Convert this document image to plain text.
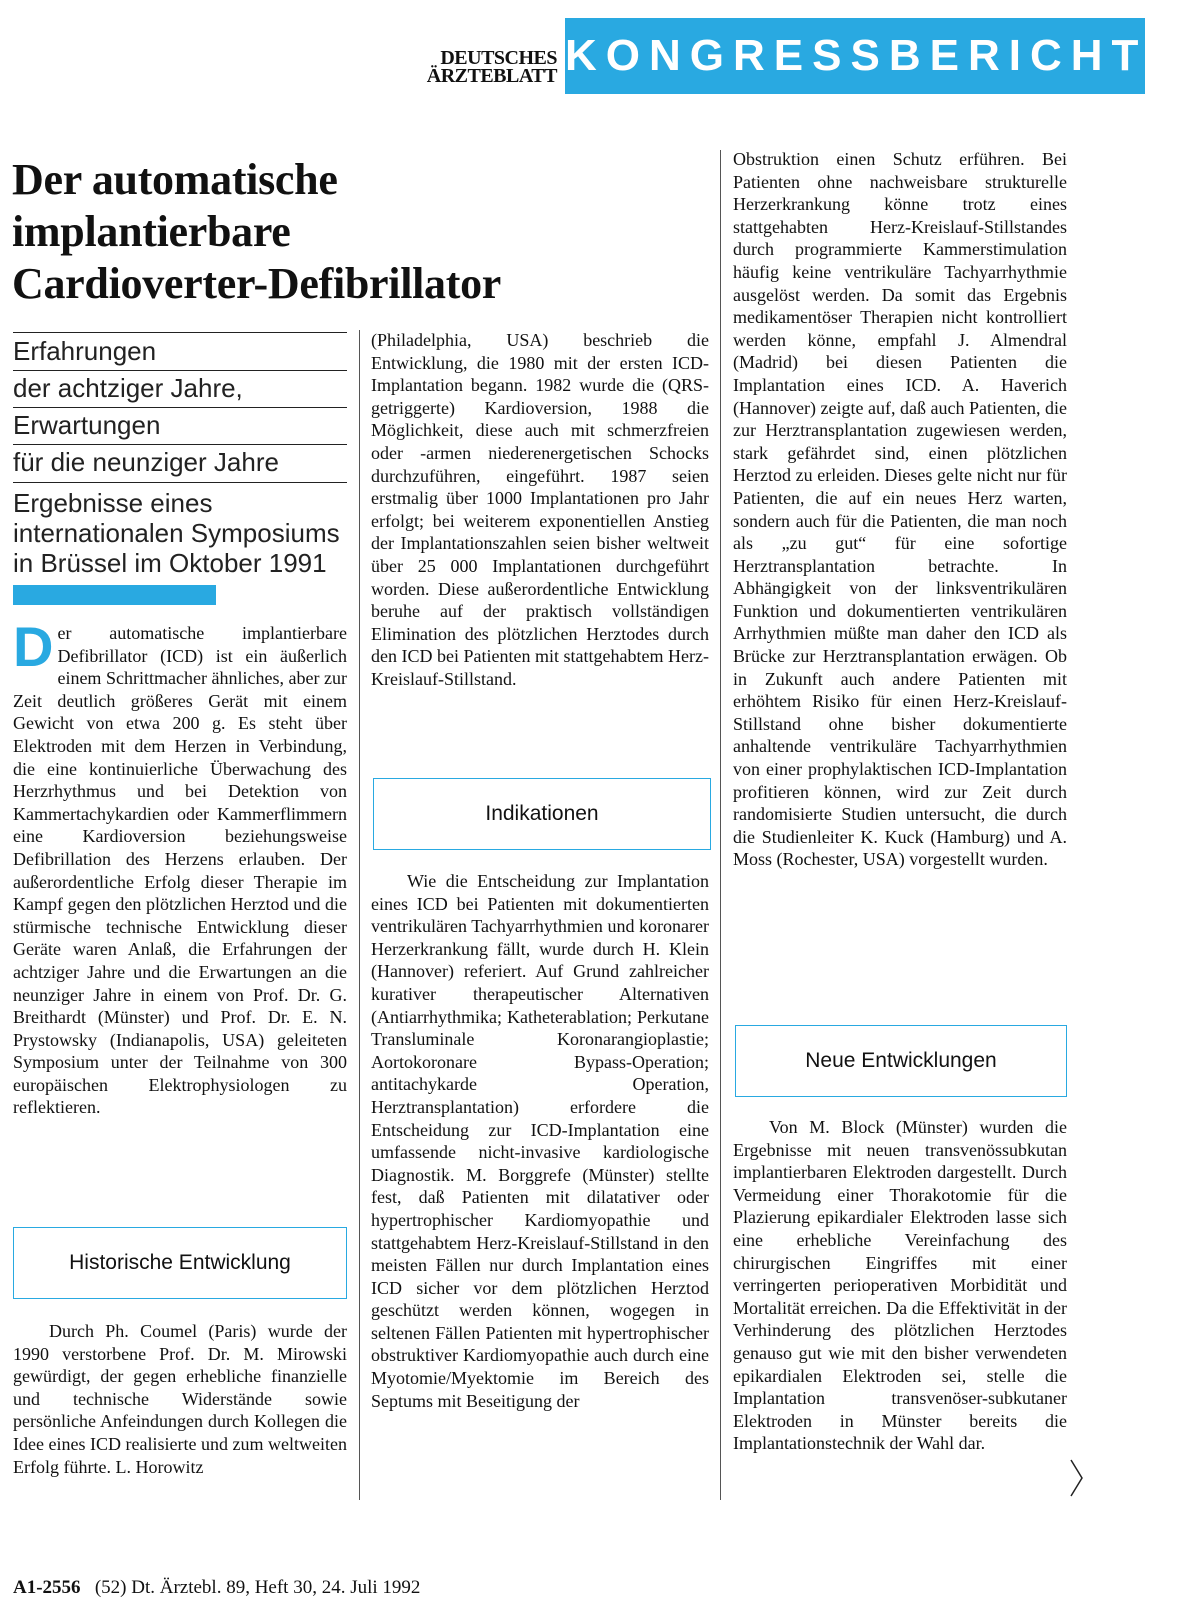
DEUTSCHES
ÄRZTEBLATT KONGRESSBERICHT
Der automatische
implantierbare
Cardioverter-Defibrillator
Erfahrungen
der achtziger Jahre,
Erwartungen
für die neunziger Jahre
Ergebnisse eines internationalen Symposiums in Brüssel im Oktober 1991

Der automatische implantierbare Defibrillator (ICD) ist ein äußerlich einem Schrittmacher ähnliches, aber zur Zeit deutlich größeres Gerät mit einem Gewicht von etwa 200 g. Es steht über Elektroden mit dem Herzen in Verbindung, die eine kontinuierliche Überwachung des Herzrhythmus und bei Detektion von Kammertachykardien oder Kammerflimmern eine Kardioversion beziehungsweise Defibrillation des Herzens erlauben. Der außerordentliche Erfolg dieser Therapie im Kampf gegen den plötzlichen Herztod und die stürmische technische Entwicklung dieser Geräte waren Anlaß, die Erfahrungen der achtziger Jahre und die Erwartungen an die neunziger Jahre in einem von Prof. Dr. G. Breithardt (Münster) und Prof. Dr. E. N. Prystowsky (Indianapolis, USA) geleiteten Symposium unter der Teilnahme von 300 europäischen Elektrophysiologen zu reflektieren.

Historische Entwicklung

Durch Ph. Coumel (Paris) wurde der 1990 verstorbene Prof. Dr. M. Mirowski gewürdigt, der gegen erhebliche finanzielle und technische Widerstände sowie persönliche Anfeindungen durch Kollegen die Idee eines ICD realisierte und zum weltweiten Erfolg führte. L. Horowitz

(Philadelphia, USA) beschrieb die Entwicklung, die 1980 mit der ersten ICD-Implantation begann. 1982 wurde die (QRS-getriggerte) Kardioversion, 1988 die Möglichkeit, diese auch mit schmerzfreien oder -armen niederenergetischen Schocks durchzuführen, eingeführt. 1987 seien erstmalig über 1000 Implantationen pro Jahr erfolgt; bei weiterem exponentiellen Anstieg der Implantationszahlen seien bisher weltweit über 25 000 Implantationen durchgeführt worden. Diese außerordentliche Entwicklung beruhe auf der praktisch vollständigen Elimination des plötzlichen Herztodes durch den ICD bei Patienten mit stattgehabtem Herz-Kreislauf-Stillstand.

Indikationen

Wie die Entscheidung zur Implantation eines ICD bei Patienten mit dokumentierten ventrikulären Tachyarrhythmien und koronarer Herzerkrankung fällt, wurde durch H. Klein (Hannover) referiert. Auf Grund zahlreicher kurativer therapeutischer Alternativen (Antiarrhythmika; Katheterablation; Perkutane Transluminale Koronarangioplastie; Aortokoronare Bypass-Operation; antitachykarde Operation, Herztransplantation) erfordere die Entscheidung zur ICD-Implantation eine umfassende nicht-invasive kardiologische Diagnostik. M. Borggrefe (Münster) stellte fest, daß Patienten mit dilatativer oder hypertrophischer Kardiomyopathie und stattgehabtem Herz-Kreislauf-Stillstand in den meisten Fällen nur durch Implantation eines ICD sicher vor dem plötzlichen Herztod geschützt werden können, wogegen in seltenen Fällen Patienten mit hypertrophischer obstruktiver Kardiomyopathie auch durch eine Myotomie/Myektomie im Bereich des Septums mit Beseitigung der

Obstruktion einen Schutz erführen. Bei Patienten ohne nachweisbare strukturelle Herzerkrankung könne trotz eines stattgehabten Herz-Kreislauf-Stillstandes durch programmierte Kammerstimulation häufig keine ventrikuläre Tachyarrhythmie ausgelöst werden. Da somit das Ergebnis medikamentöser Therapien nicht kontrolliert werden könne, empfahl J. Almendral (Madrid) bei diesen Patienten die Implantation eines ICD. A. Haverich (Hannover) zeigte auf, daß auch Patienten, die zur Herztransplantation zugewiesen werden, stark gefährdet sind, einen plötzlichen Herztod zu erleiden. Dieses gelte nicht nur für Patienten, die auf ein neues Herz warten, sondern auch für die Patienten, die man noch als „zu gut“ für eine sofortige Herztransplantation betrachte. In Abhängigkeit von der linksventrikulären Funktion und dokumentierten ventrikulären Arrhythmien müßte man daher den ICD als Brücke zur Herztransplantation erwägen. Ob in Zukunft auch andere Patienten mit erhöhtem Risiko für einen Herz-Kreislauf-Stillstand ohne bisher dokumentierte anhaltende ventrikuläre Tachyarrhythmien von einer prophylaktischen ICD-Implantation profitieren können, wird zur Zeit durch randomisierte Studien untersucht, die durch die Studienleiter K. Kuck (Hamburg) und A. Moss (Rochester, USA) vorgestellt wurden.

Neue Entwicklungen

Von M. Block (Münster) wurden die Ergebnisse mit neuen transvenössubkutan implantierbaren Elektroden dargestellt. Durch Vermeidung einer Thorakotomie für die Plazierung epikardialer Elektroden lasse sich eine erhebliche Vereinfachung des chirurgischen Eingriffes mit einer verringerten perioperativen Morbidität und Mortalität erreichen. Da die Effektivität in der Verhinderung des plötzlichen Herztodes genauso gut wie mit den bisher verwendeten epikardialen Elektroden sei, stelle die Implantation transvenöser-subkutaner Elektroden in Münster bereits die Implantationstechnik der Wahl dar.

A1-2556 (52) Dt. Ärztebl. 89, Heft 30, 24. Juli 1992
